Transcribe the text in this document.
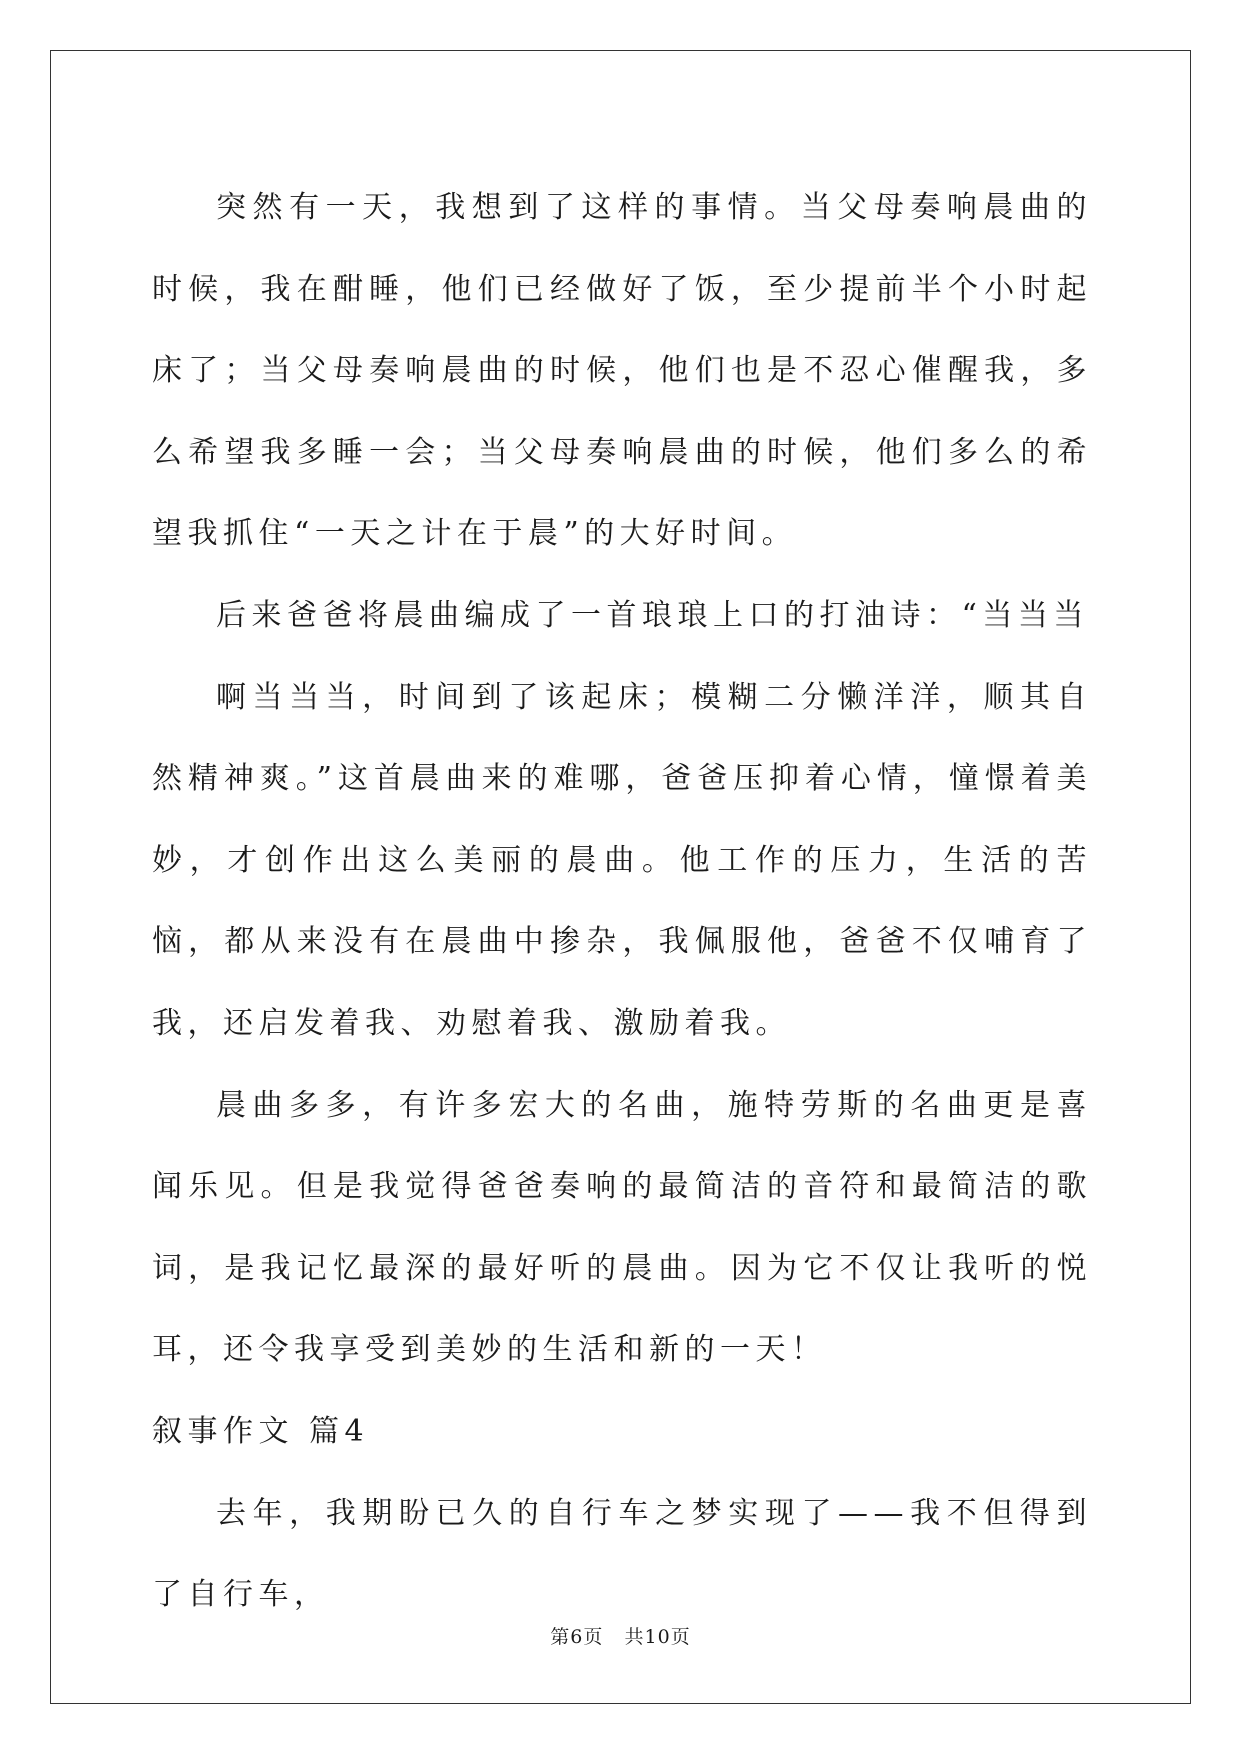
突然有一天，我想到了这样的事情。当父母奏响晨曲的时候，我在酣睡，他们已经做好了饭，至少提前半个小时起床了；当父母奏响晨曲的时候，他们也是不忍心催醒我，多么希望我多睡一会；当父母奏响晨曲的时候，他们多么的希望我抓住“一天之计在于晨”的大好时间。

后来爸爸将晨曲编成了一首琅琅上口的打油诗：“当当当

啊当当当，时间到了该起床；模糊二分懒洋洋，顺其自然精神爽。”这首晨曲来的难哪，爸爸压抑着心情，憧憬着美妙，才创作出这么美丽的晨曲。他工作的压力，生活的苦恼，都从来没有在晨曲中掺杂，我佩服他，爸爸不仅哺育了我，还启发着我、劝慰着我、激励着我。

晨曲多多，有许多宏大的名曲，施特劳斯的名曲更是喜闻乐见。但是我觉得爸爸奏响的最简洁的音符和最简洁的歌词，是我记忆最深的最好听的晨曲。因为它不仅让我听的悦耳，还令我享受到美妙的生活和新的一天！

叙事作文 篇4

去年，我期盼已久的自行车之梦实现了——我不但得到了自行车，

第6页 共10页
